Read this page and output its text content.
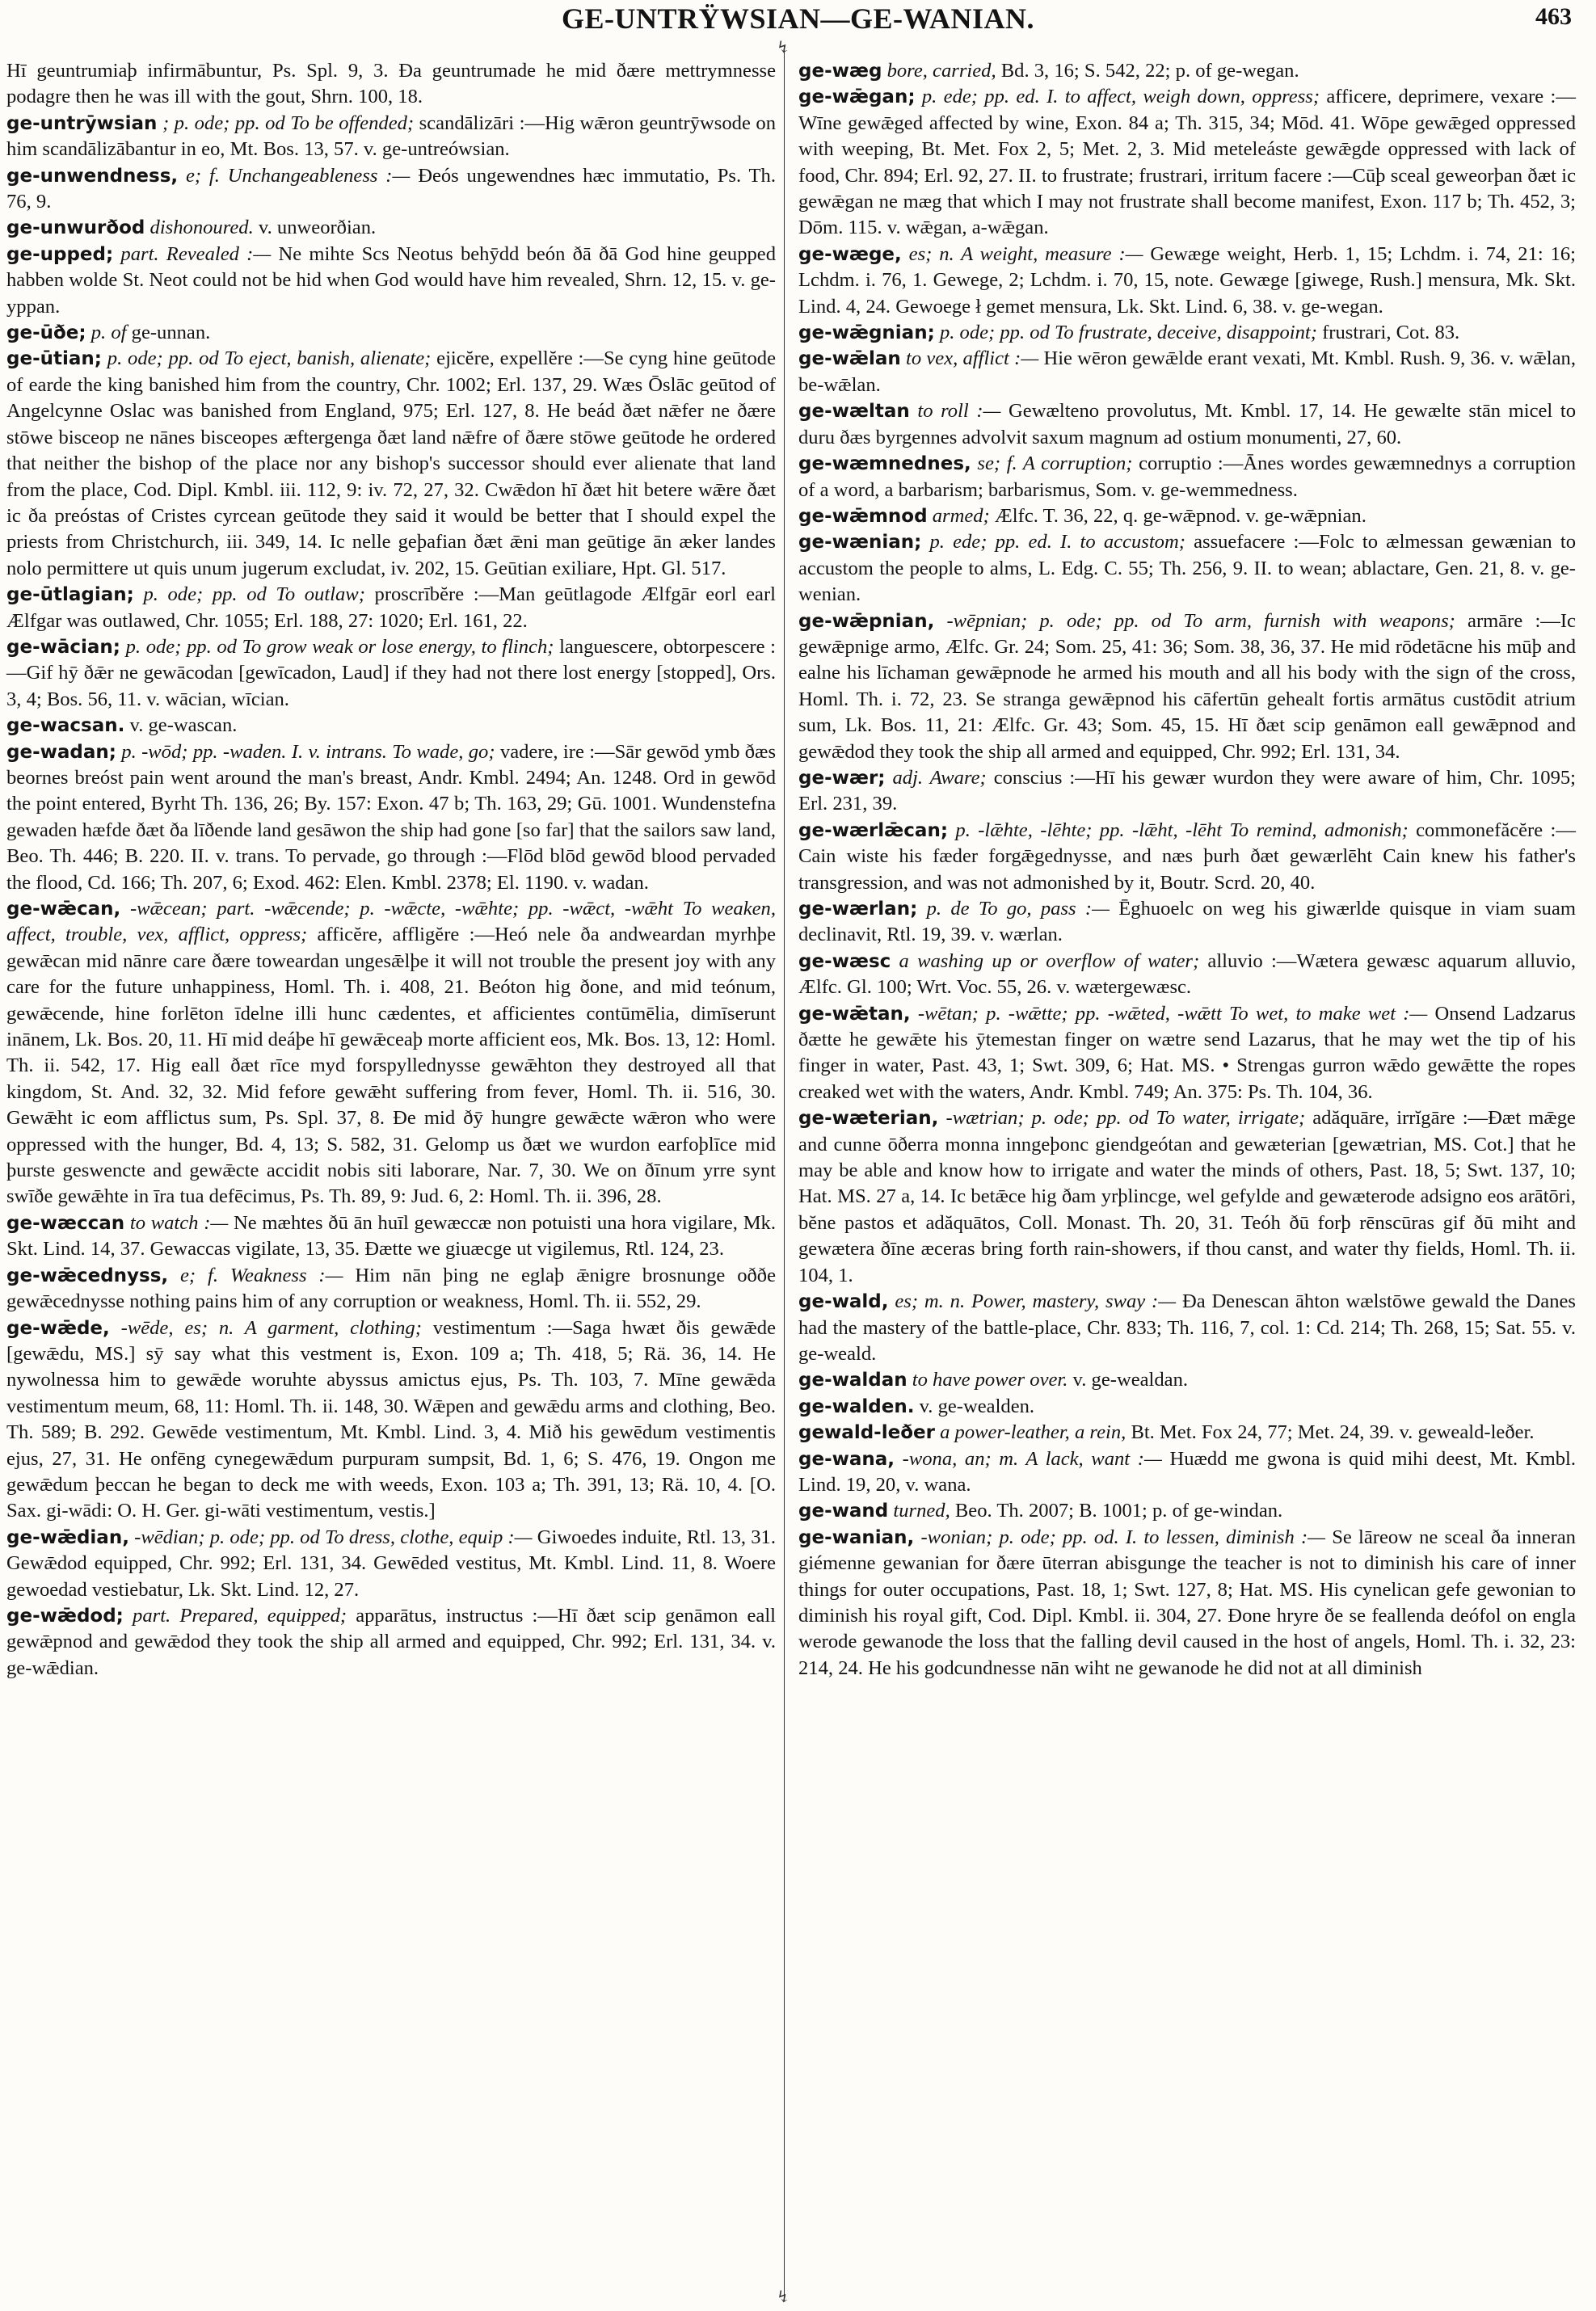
GE-UNTRŸWSIAN—GE-WANIAN.	463
↯
↯

Hī geuntrumiaþ infirmābuntur, Ps. Spl. 9, 3. Ða geuntrumade he mid ðære mettrymnesse podagre then he was ill with the gout, Shrn. 100, 18.

ge-untrȳwsian ; p. ode; pp. od To be offended; scandālizāri :—Hig wǣron geuntrȳwsode on him scandālizābantur in eo, Mt. Bos. 13, 57. v. ge-untreówsian.

ge-unwendness, e; f. Unchangeableness :— Ðeós ungewendnes hæc immutatio, Ps. Th. 76, 9.

ge-unwurðod dishonoured. v. unweorðian.

ge-upped; part. Revealed :— Ne mihte Scs Neotus behȳdd beón ðā ðā God hine geupped habben wolde St. Neot could not be hid when God would have him revealed, Shrn. 12, 15. v. ge-yppan.

ge-ūðe; p. of ge-unnan.

ge-ūtian; p. ode; pp. od To eject, banish, alienate; ejicĕre, expellĕre :—Se cyng hine geūtode of earde the king banished him from the country, Chr. 1002; Erl. 137, 29. Wæs Ōslāc geūtod of Angelcynne Oslac was banished from England, 975; Erl. 127, 8. He beád ðæt nǣfer ne ðære stōwe bisceop ne nānes bisceopes æftergenga ðæt land nǣfre of ðære stōwe geūtode he ordered that neither the bishop of the place nor any bishop's successor should ever alienate that land from the place, Cod. Dipl. Kmbl. iii. 112, 9: iv. 72, 27, 32. Cwǣdon hī ðæt hit betere wǣre ðæt ic ða preóstas of Cristes cyrcean geūtode they said it would be better that I should expel the priests from Christchurch, iii. 349, 14. Ic nelle geþafian ðæt ǣni man geūtige ān æker landes nolo permittere ut quis unum jugerum excludat, iv. 202, 15. Geūtian exiliare, Hpt. Gl. 517.

ge-ūtlagian; p. ode; pp. od To outlaw; proscrībĕre :—Man geūtlagode Ælfgār eorl earl Ælfgar was outlawed, Chr. 1055; Erl. 188, 27: 1020; Erl. 161, 22.

ge-wācian; p. ode; pp. od To grow weak or lose energy, to flinch; languescere, obtorpescere :—Gif hȳ ðǣr ne gewācodan [gewīcadon, Laud] if they had not there lost energy [stopped], Ors. 3, 4; Bos. 56, 11. v. wācian, wīcian.

ge-wacsan. v. ge-wascan.

ge-wadan; p. -wōd; pp. -waden. I. v. intrans. To wade, go; vadere, ire :—Sār gewōd ymb ðæs beornes breóst pain went around the man's breast, Andr. Kmbl. 2494; An. 1248. Ord in gewōd the point entered, Byrht Th. 136, 26; By. 157: Exon. 47 b; Th. 163, 29; Gū. 1001. Wundenstefna gewaden hæfde ðæt ða līðende land gesāwon the ship had gone [so far] that the sailors saw land, Beo. Th. 446; B. 220. II. v. trans. To pervade, go through :—Flōd blōd gewōd blood pervaded the flood, Cd. 166; Th. 207, 6; Exod. 462: Elen. Kmbl. 2378; El. 1190. v. wadan.

ge-wǣcan, -wǣcean; part. -wǣcende; p. -wǣcte, -wǣhte; pp. -wǣct, -wǣht To weaken, affect, trouble, vex, afflict, oppress; afficĕre, affligĕre :—Heó nele ða andweardan myrhþe gewǣcan mid nānre care ðære toweardan ungesǣlþe it will not trouble the present joy with any care for the future unhappiness, Homl. Th. i. 408, 21. Beóton hig ðone, and mid teónum, gewǣcende, hine forlēton īdelne illi hunc cædentes, et afficientes contūmēlia, dimīserunt inānem, Lk. Bos. 20, 11. Hī mid deáþe hī gewǣceaþ morte afficient eos, Mk. Bos. 13, 12: Homl. Th. ii. 542, 17. Hig eall ðæt rīce myd forspyllednysse gewǣhton they destroyed all that kingdom, St. And. 32, 32. Mid fefore gewǣht suffering from fever, Homl. Th. ii. 516, 30. Gewǣht ic eom afflictus sum, Ps. Spl. 37, 8. Ðe mid ðȳ hungre gewǣcte wǣron who were oppressed with the hunger, Bd. 4, 13; S. 582, 31. Gelomp us ðæt we wurdon earfoþlīce mid þurste geswencte and gewǣcte accidit nobis siti laborare, Nar. 7, 30. We on ðīnum yrre synt swīðe gewǣhte in īra tua defēcimus, Ps. Th. 89, 9: Jud. 6, 2: Homl. Th. ii. 396, 28.

ge-wæccan to watch :— Ne mæhtes ðū ān huīl gewæccæ non potuisti una hora vigilare, Mk. Skt. Lind. 14, 37. Gewaccas vigilate, 13, 35. Ðætte we giuæcge ut vigilemus, Rtl. 124, 23.

ge-wǣcednyss, e; f. Weakness :— Him nān þing ne eglaþ ǣnigre brosnunge oððe gewǣcednysse nothing pains him of any corruption or weakness, Homl. Th. ii. 552, 29.

ge-wǣde, -wēde, es; n. A garment, clothing; vestimentum :—Saga hwæt ðis gewǣde [gewǣdu, MS.] sȳ say what this vestment is, Exon. 109 a; Th. 418, 5; Rä. 36, 14. He nywolnessa him to gewǣde woruhte abyssus amictus ejus, Ps. Th. 103, 7. Mīne gewǣda vestimentum meum, 68, 11: Homl. Th. ii. 148, 30. Wǣpen and gewǣdu arms and clothing, Beo. Th. 589; B. 292. Gewēde vestimentum, Mt. Kmbl. Lind. 3, 4. Mið his gewēdum vestimentis ejus, 27, 31. He onfēng cynegewǣdum purpuram sumpsit, Bd. 1, 6; S. 476, 19. Ongon me gewǣdum þeccan he began to deck me with weeds, Exon. 103 a; Th. 391, 13; Rä. 10, 4. [O. Sax. gi-wādi: O. H. Ger. gi-wāti vestimentum, vestis.]

ge-wǣdian, -wēdian; p. ode; pp. od To dress, clothe, equip :— Giwoedes induite, Rtl. 13, 31. Gewǣdod equipped, Chr. 992; Erl. 131, 34. Gewēded vestitus, Mt. Kmbl. Lind. 11, 8. Woere gewoedad vestiebatur, Lk. Skt. Lind. 12, 27.

ge-wǣdod; part. Prepared, equipped; apparātus, instructus :—Hī ðæt scip genāmon eall gewǣpnod and gewǣdod they took the ship all armed and equipped, Chr. 992; Erl. 131, 34. v. ge-wǣdian.

ge-wæg bore, carried, Bd. 3, 16; S. 542, 22; p. of ge-wegan.

ge-wǣgan; p. ede; pp. ed. I. to affect, weigh down, oppress; afficere, deprimere, vexare :—Wīne gewǣged affected by wine, Exon. 84 a; Th. 315, 34; Mōd. 41. Wōpe gewǣged oppressed with weeping, Bt. Met. Fox 2, 5; Met. 2, 3. Mid meteleáste gewǣgde oppressed with lack of food, Chr. 894; Erl. 92, 27. II. to frustrate; frustrari, irritum facere :—Cūþ sceal geweorþan ðæt ic gewǣgan ne mæg that which I may not frustrate shall become manifest, Exon. 117 b; Th. 452, 3; Dōm. 115. v. wǣgan, a-wǣgan.

ge-wæge, es; n. A weight, measure :— Gewæge weight, Herb. 1, 15; Lchdm. i. 74, 21: 16; Lchdm. i. 76, 1. Gewege, 2; Lchdm. i. 70, 15, note. Gewæge [giwege, Rush.] mensura, Mk. Skt. Lind. 4, 24. Gewoege ł gemet mensura, Lk. Skt. Lind. 6, 38. v. ge-wegan.

ge-wǣgnian; p. ode; pp. od To frustrate, deceive, disappoint; frustrari, Cot. 83.

ge-wǣlan to vex, afflict :— Hie wēron gewǣlde erant vexati, Mt. Kmbl. Rush. 9, 36. v. wǣlan, be-wǣlan.

ge-wæltan to roll :— Gewælteno provolutus, Mt. Kmbl. 17, 14. He gewælte stān micel to duru ðæs byrgennes advolvit saxum magnum ad ostium monumenti, 27, 60.

ge-wæmnednes, se; f. A corruption; corruptio :—Ānes wordes gewæmnednys a corruption of a word, a barbarism; barbarismus, Som. v. ge-wemmedness.

ge-wǣmnod armed; Ælfc. T. 36, 22, q. ge-wǣpnod. v. ge-wǣpnian.

ge-wænian; p. ede; pp. ed. I. to accustom; assuefacere :—Folc to ælmessan gewænian to accustom the people to alms, L. Edg. C. 55; Th. 256, 9. II. to wean; ablactare, Gen. 21, 8. v. ge-wenian.

ge-wǣpnian, -wēpnian; p. ode; pp. od To arm, furnish with weapons; armāre :—Ic gewǣpnige armo, Ælfc. Gr. 24; Som. 25, 41: 36; Som. 38, 36, 37. He mid rōdetācne his mūþ and ealne his līchaman gewǣpnode he armed his mouth and all his body with the sign of the cross, Homl. Th. i. 72, 23. Se stranga gewǣpnod his cāfertūn gehealt fortis armātus custōdit atrium sum, Lk. Bos. 11, 21: Ælfc. Gr. 43; Som. 45, 15. Hī ðæt scip genāmon eall gewǣpnod and gewǣdod they took the ship all armed and equipped, Chr. 992; Erl. 131, 34.

ge-wær; adj. Aware; conscius :—Hī his gewær wurdon they were aware of him, Chr. 1095; Erl. 231, 39.

ge-wærlǣcan; p. -lǣhte, -lēhte; pp. -lǣht, -lēht To remind, admonish; commonefăcĕre :—Cain wiste his fæder forgǣgednysse, and næs þurh ðæt gewærlēht Cain knew his father's transgression, and was not admonished by it, Boutr. Scrd. 20, 40.

ge-wærlan; p. de To go, pass :— Ēghuoelc on weg his giwærlde quisque in viam suam declinavit, Rtl. 19, 39. v. wærlan.

ge-wæsc a washing up or overflow of water; alluvio :—Wætera gewæsc aquarum alluvio, Ælfc. Gl. 100; Wrt. Voc. 55, 26. v. wætergewæsc.

ge-wǣtan, -wētan; p. -wǣtte; pp. -wǣted, -wǣtt To wet, to make wet :— Onsend Ladzarus ðætte he gewǣte his ȳtemestan finger on wætre send Lazarus, that he may wet the tip of his finger in water, Past. 43, 1; Swt. 309, 6; Hat. MS. • Strengas gurron wǣdo gewǣtte the ropes creaked wet with the waters, Andr. Kmbl. 749; An. 375: Ps. Th. 104, 36.

ge-wæterian, -wætrian; p. ode; pp. od To water, irrigate; adăquāre, irrĭgāre :—Ðæt mǣge and cunne ōðerra monna inngeþonc giendgeótan and gewæterian [gewætrian, MS. Cot.] that he may be able and know how to irrigate and water the minds of others, Past. 18, 5; Swt. 137, 10; Hat. MS. 27 a, 14. Ic betǣce hig ðam yrþlincge, wel gefylde and gewæterode adsigno eos arātōri, bĕne pastos et adăquātos, Coll. Monast. Th. 20, 31. Teóh ðū forþ rēnscūras gif ðū miht and gewætera ðīne æceras bring forth rain-showers, if thou canst, and water thy fields, Homl. Th. ii. 104, 1.

ge-wald, es; m. n. Power, mastery, sway :— Ða Denescan āhton wælstōwe gewald the Danes had the mastery of the battle-place, Chr. 833; Th. 116, 7, col. 1: Cd. 214; Th. 268, 15; Sat. 55. v. ge-weald.

ge-waldan to have power over. v. ge-wealdan.

ge-walden. v. ge-wealden.

gewald-leðer a power-leather, a rein, Bt. Met. Fox 24, 77; Met. 24, 39. v. geweald-leðer.

ge-wana, -wona, an; m. A lack, want :— Huædd me gwona is quid mihi deest, Mt. Kmbl. Lind. 19, 20, v. wana.

ge-wand turned, Beo. Th. 2007; B. 1001; p. of ge-windan.

ge-wanian, -wonian; p. ode; pp. od. I. to lessen, diminish :— Se lāreow ne sceal ða inneran giémenne gewanian for ðære ūterran abisgunge the teacher is not to diminish his care of inner things for outer occupations, Past. 18, 1; Swt. 127, 8; Hat. MS. His cynelican gefe gewonian to diminish his royal gift, Cod. Dipl. Kmbl. ii. 304, 27. Ðone hryre ðe se feallenda deófol on engla werode gewanode the loss that the falling devil caused in the host of angels, Homl. Th. i. 32, 23: 214, 24. He his godcundnesse nān wiht ne gewanode he did not at all diminish
